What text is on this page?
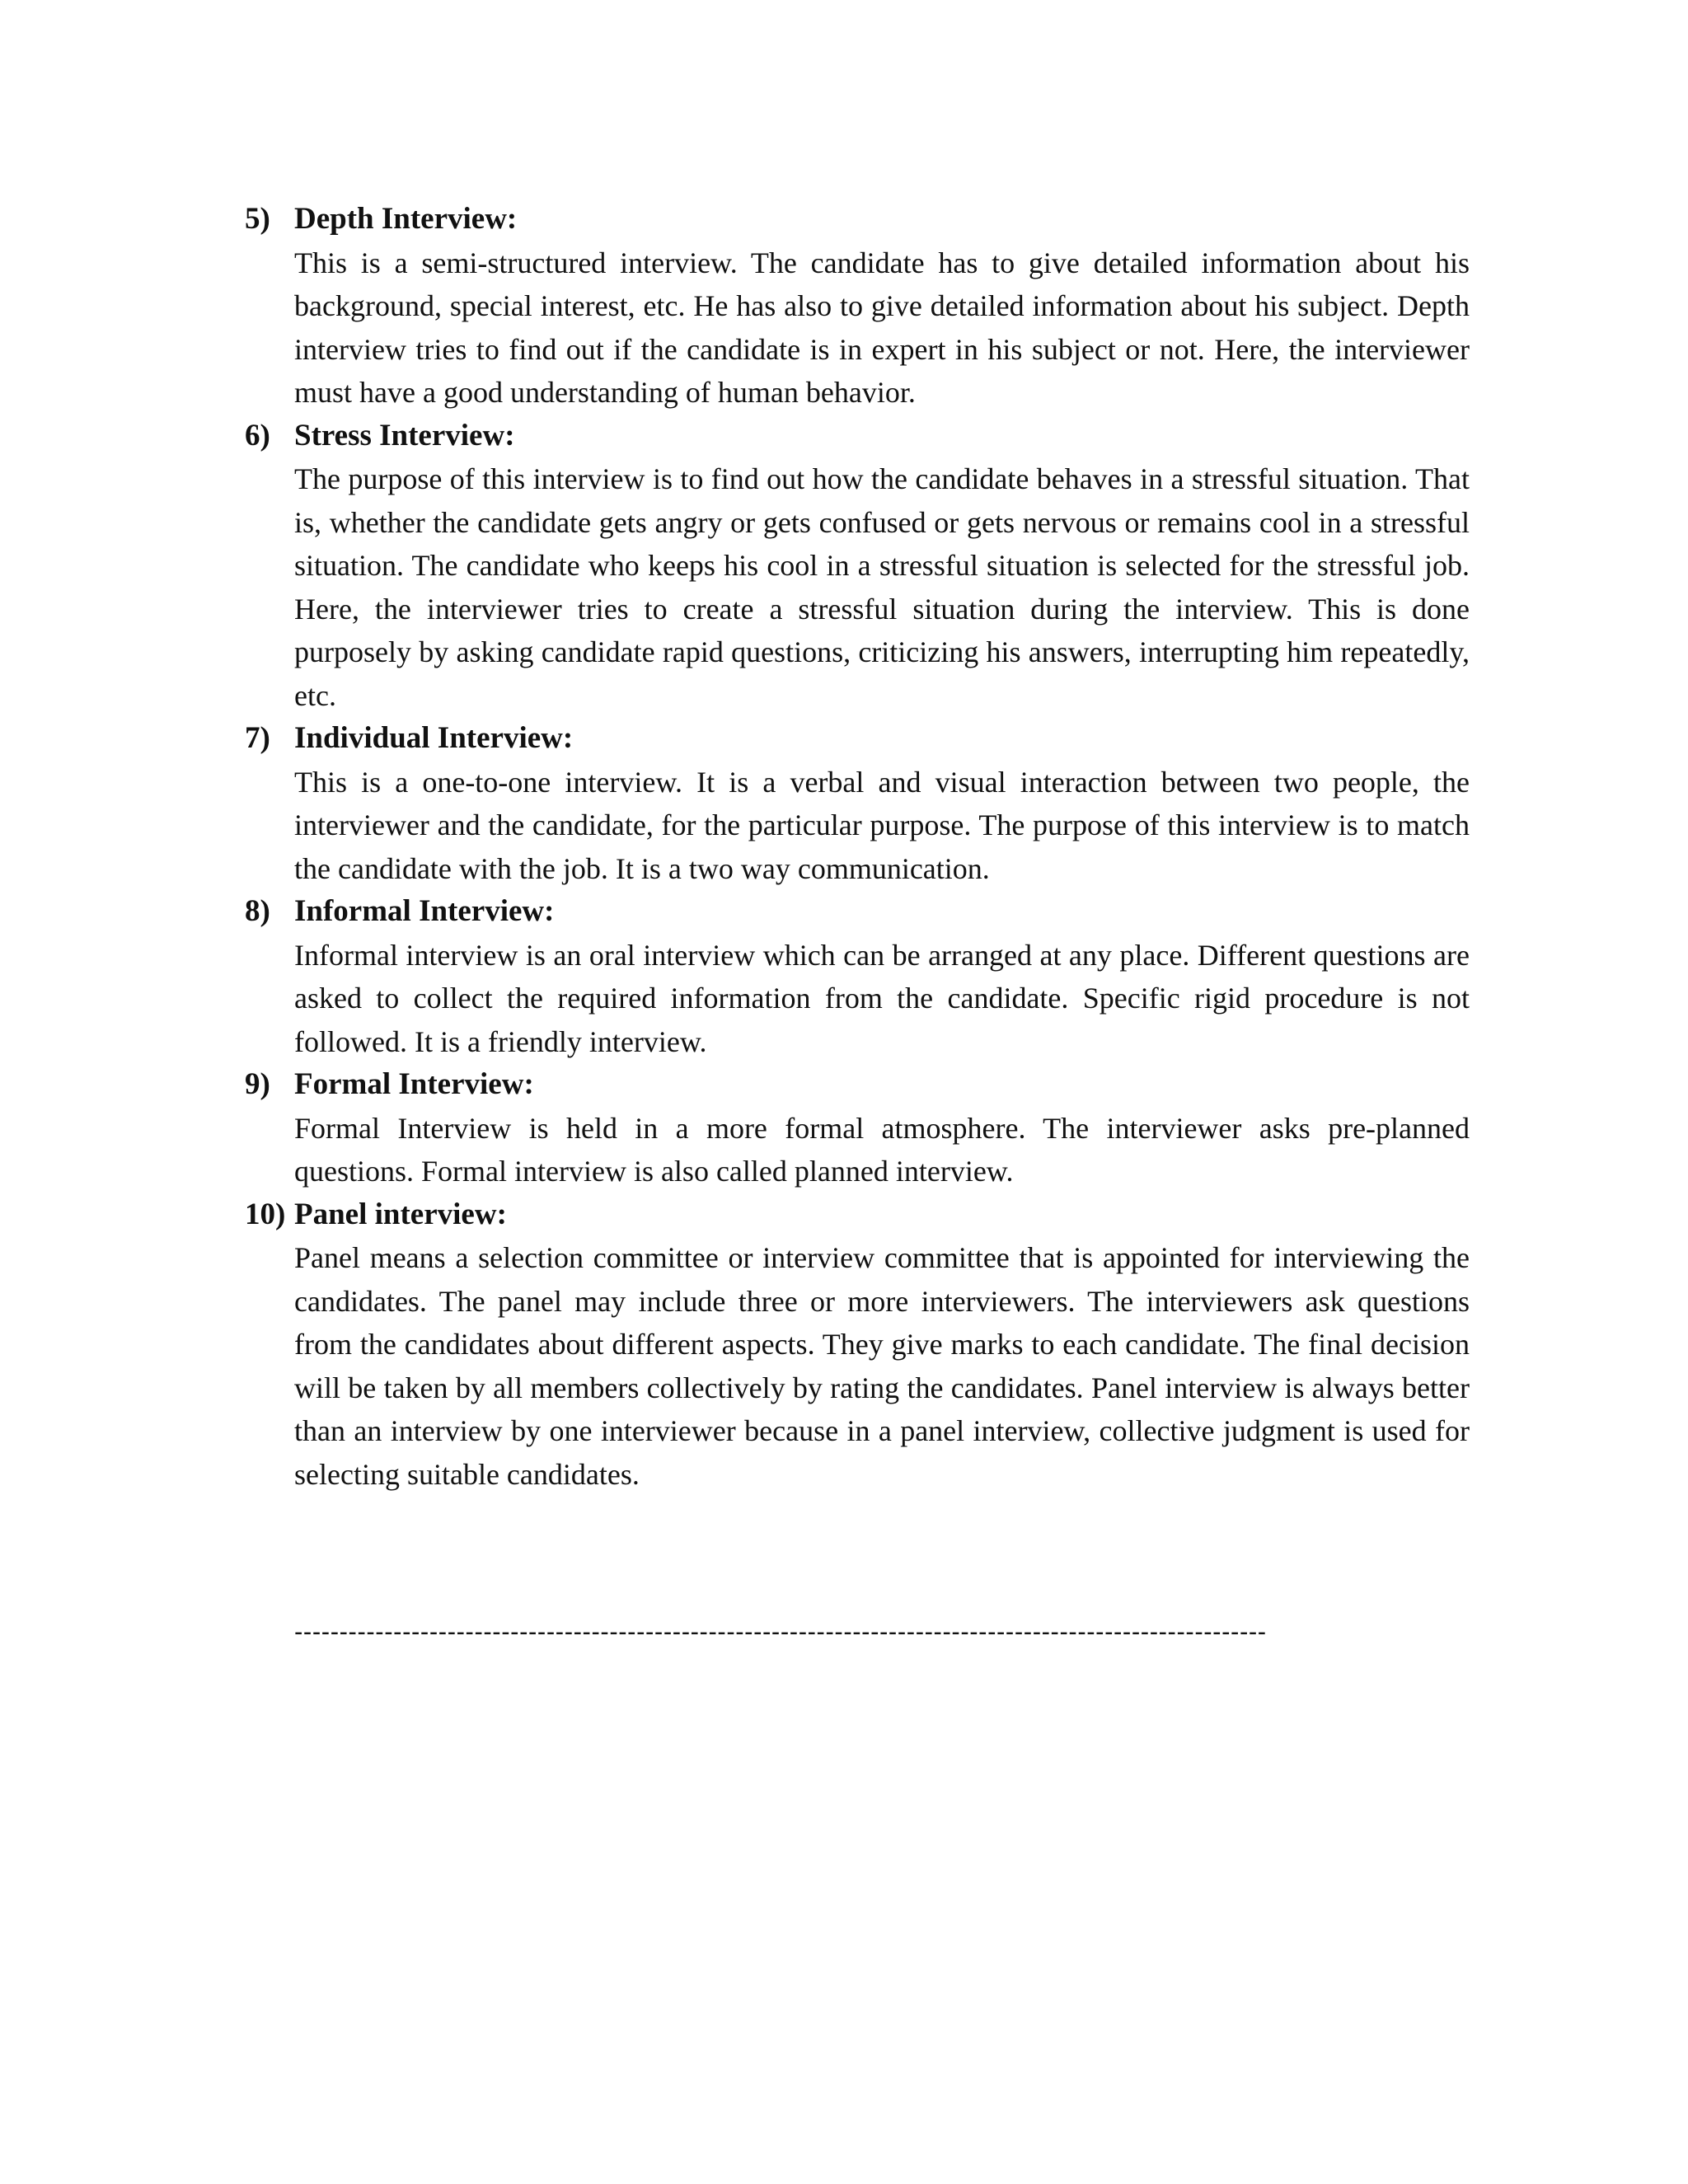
5) Depth Interview:

This is a semi-structured interview. The candidate has to give detailed information about his background, special interest, etc. He has also to give detailed information about his subject. Depth interview tries to find out if the candidate is in expert in his subject or not. Here, the interviewer must have a good understanding of human behavior.

6) Stress Interview:

The purpose of this interview is to find out how the candidate behaves in a stressful situation. That is, whether the candidate gets angry or gets confused or gets nervous or remains cool in a stressful situation. The candidate who keeps his cool in a stressful situation is selected for the stressful job. Here, the interviewer tries to create a stressful situation during the interview. This is done purposely by asking candidate rapid questions, criticizing his answers, interrupting him repeatedly, etc.

7) Individual Interview:

This is a one-to-one interview. It is a verbal and visual interaction between two people, the interviewer and the candidate, for the particular purpose. The purpose of this interview is to match the candidate with the job. It is a two way communication.

8) Informal Interview:

Informal interview is an oral interview which can be arranged at any place. Different questions are asked to collect the required information from the candidate. Specific rigid procedure is not followed. It is a friendly interview.

9) Formal Interview:

Formal Interview is held in a more formal atmosphere. The interviewer asks pre-planned questions. Formal interview is also called planned interview.

10) Panel interview:

Panel means a selection committee or interview committee that is appointed for interviewing the candidates. The panel may include three or more interviewers. The interviewers ask questions from the candidates about different aspects. They give marks to each candidate. The final decision will be taken by all members collectively by rating the candidates. Panel interview is always better than an interview by one interviewer because in a panel interview, collective judgment is used for selecting suitable candidates.

------------------------------------------------------------------------------------------------------------
